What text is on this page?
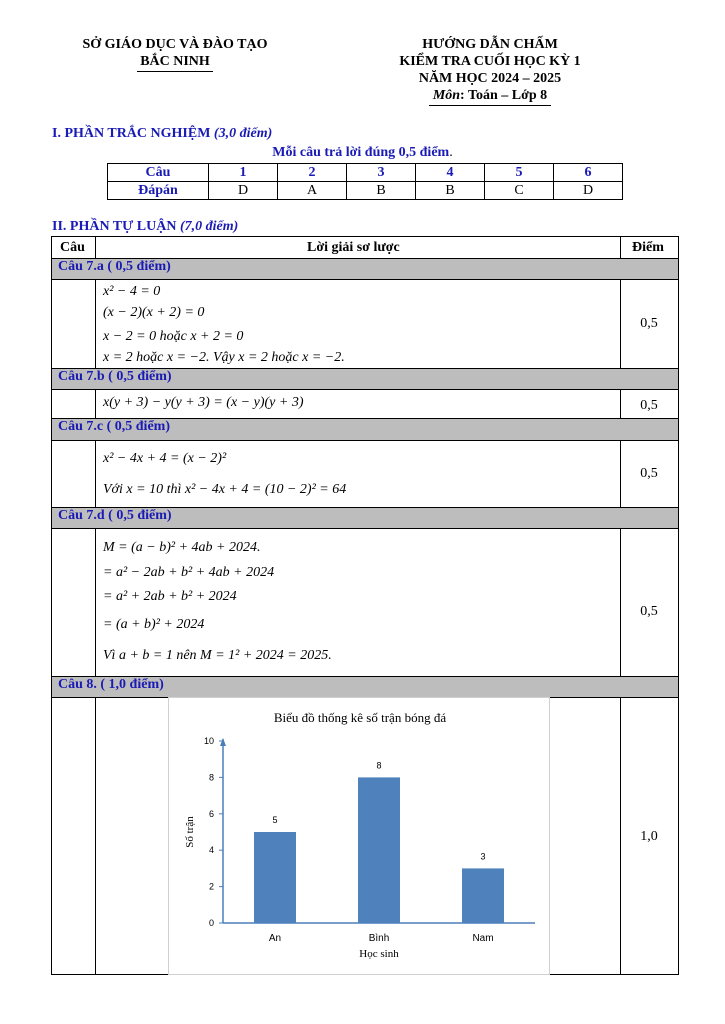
SỞ GIÁO DỤC VÀ ĐÀO TẠO
BẮC NINH
HƯỚNG DẪN CHẤM
KIỂM TRA CUỐI HỌC KỲ 1
NĂM HỌC 2024 – 2025
Môn: Toán – Lớp 8
I. PHẦN TRẮC NGHIỆM (3,0 điểm)
Mỗi câu trả lời đúng 0,5 điểm.
Câu	1	2	3	4	5	6
Đápán	D	A	B	B	C	D
II. PHẦN TỰ LUẬN (7,0 điểm)
Câu	Lời giải sơ lược	Điểm
Câu 7.a ( 0,5 điểm)
x² − 4 = 0
(x − 2)(x + 2) = 0
x − 2 = 0 hoặc x + 2 = 0
x = 2 hoặc x = −2. Vậy x = 2 hoặc x = −2.
0,5
Câu 7.b ( 0,5 điểm)
x(y + 3) − y(y + 3) = (x − y)(y + 3)	0,5
Câu 7.c ( 0,5 điểm)
x² − 4x + 4 = (x − 2)²
Với x = 10 thì x² − 4x + 4 = (10 − 2)² = 64
0,5
Câu 7.d ( 0,5 điểm)
M = (a − b)² + 4ab + 2024.
= a² − 2ab + b² + 4ab + 2024
= a² + 2ab + b² + 2024
= (a + b)² + 2024
Vì a + b = 1 nên M = 1² + 2024 = 2025.
0,5
Câu 8. ( 1,0 điểm)
1,0
Biểu đồ thống kê số trận bóng đá
0
2
4
6
8
10
Số trận	5
An
8
Bình
3
Nam
Học sinh
